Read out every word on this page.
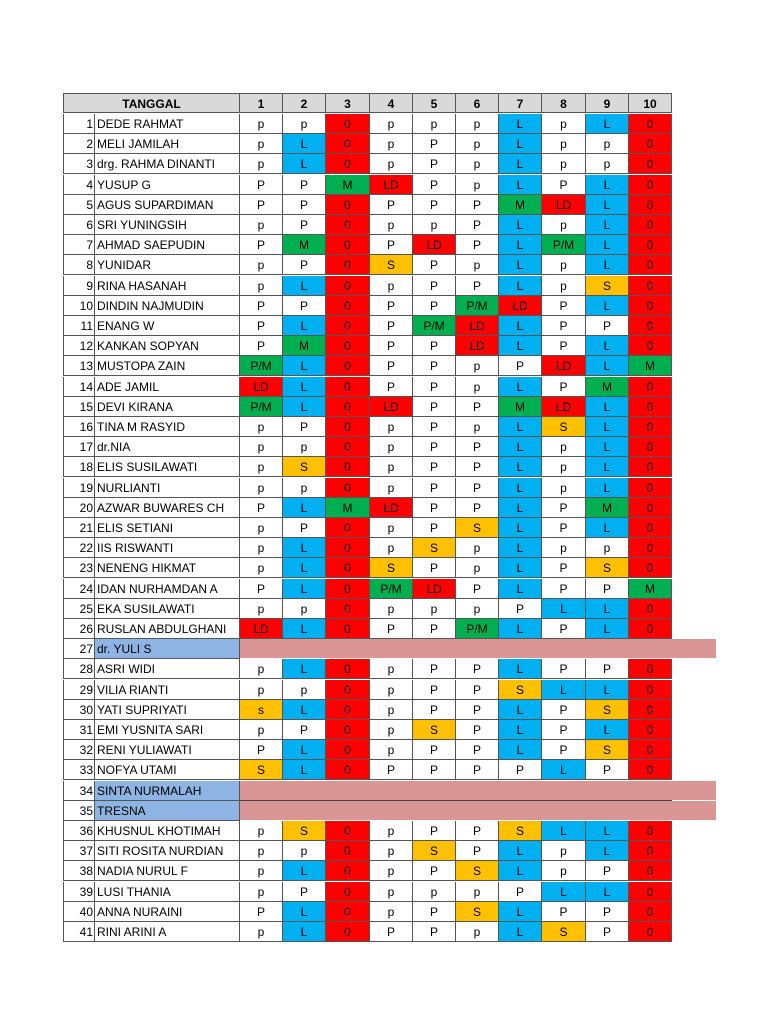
TANGGAL	1	2	3	4	5	6	7	8	9	10
1 DEDE RAHMAT	p	p	0	p	p	p	L	p	L	0
2 MELI JAMILAH	p	L	0	p	P	p	L	p	p	0
3 drg. RAHMA DINANTI	p	L	0	p	P	p	L	p	p	0
4 YUSUP G	P	P	M	LD	P	p	L	P	L	0
5 AGUS SUPARDIMAN	P	P	0	P	P	P	M	LD	L	0
6 SRI YUNINGSIH	p	P	0	p	p	P	L	p	L	0
7 AHMAD SAEPUDIN	P	M	0	P	LD	P	L	P/M	L	0
8 YUNIDAR	p	P	0	S	P	p	L	p	L	0
9 RINA HASANAH	p	L	0	p	P	P	L	p	S	0
10 DINDIN NAJMUDIN	P	P	0	P	P	P/M	LD	P	L	0
11 ENANG W	P	L	0	P	P/M	LD	L	P	P	0
12 KANKAN SOPYAN	P	M	0	P	P	LD	L	P	L	0
13 MUSTOPA ZAIN	P/M	L	0	P	P	p	P	LD	L	M
14 ADE JAMIL	LD	L	0	P	P	p	L	P	M	0
15 DEVI KIRANA	P/M	L	0	LD	P	P	M	LD	L	0
16 TINA M RASYID	p	P	0	p	P	p	L	S	L	0
17 dr.NIA	p	p	0	p	P	P	L	p	L	0
18 ELIS SUSILAWATI	p	S	0	p	P	P	L	p	L	0
19 NURLIANTI	p	p	0	p	P	P	L	p	L	0
20 AZWAR BUWARES CH	P	L	M	LD	P	P	L	P	M	0
21 ELIS SETIANI	p	P	0	p	P	S	L	P	L	0
22 IIS RISWANTI	p	L	0	p	S	p	L	p	p	0
23 NENENG HIKMAT	p	L	0	S	P	p	L	P	S	0
24 IDAN NURHAMDAN A	P	L	0	P/M	LD	P	L	P	P	M
25 EKA SUSILAWATI	p	p	0	p	p	p	P	L	L	0
26 RUSLAN ABDULGHANI	LD	L	0	P	P	P/M	L	P	L	0
27 dr. YULI S
28 ASRI WIDI	p	L	0	p	P	P	L	P	P	0
29 VILIA RIANTI	p	p	0	p	P	P	S	L	L	0
30 YATI SUPRIYATI	s	L	0	p	P	P	L	P	S	0
31 EMI YUSNITA SARI	p	P	0	p	S	P	L	P	L	0
32 RENI YULIAWATI	P	L	0	p	P	P	L	P	S	0
33 NOFYA UTAMI	S	L	0	P	P	P	P	L	P	0
34 SINTA NURMALAH
35 TRESNA
36 KHUSNUL KHOTIMAH	p	S	0	p	P	P	S	L	L	0
37 SITI ROSITA NURDIAN	p	p	0	p	S	P	L	p	L	0
38 NADIA NURUL F	p	L	0	p	P	S	L	p	P	0
39 LUSI THANIA	p	P	0	p	p	p	P	L	L	0
40 ANNA NURAINI	P	L	0	p	P	S	L	P	P	0
41 RINI ARINI A	p	L	0	P	P	p	L	S	P	0
